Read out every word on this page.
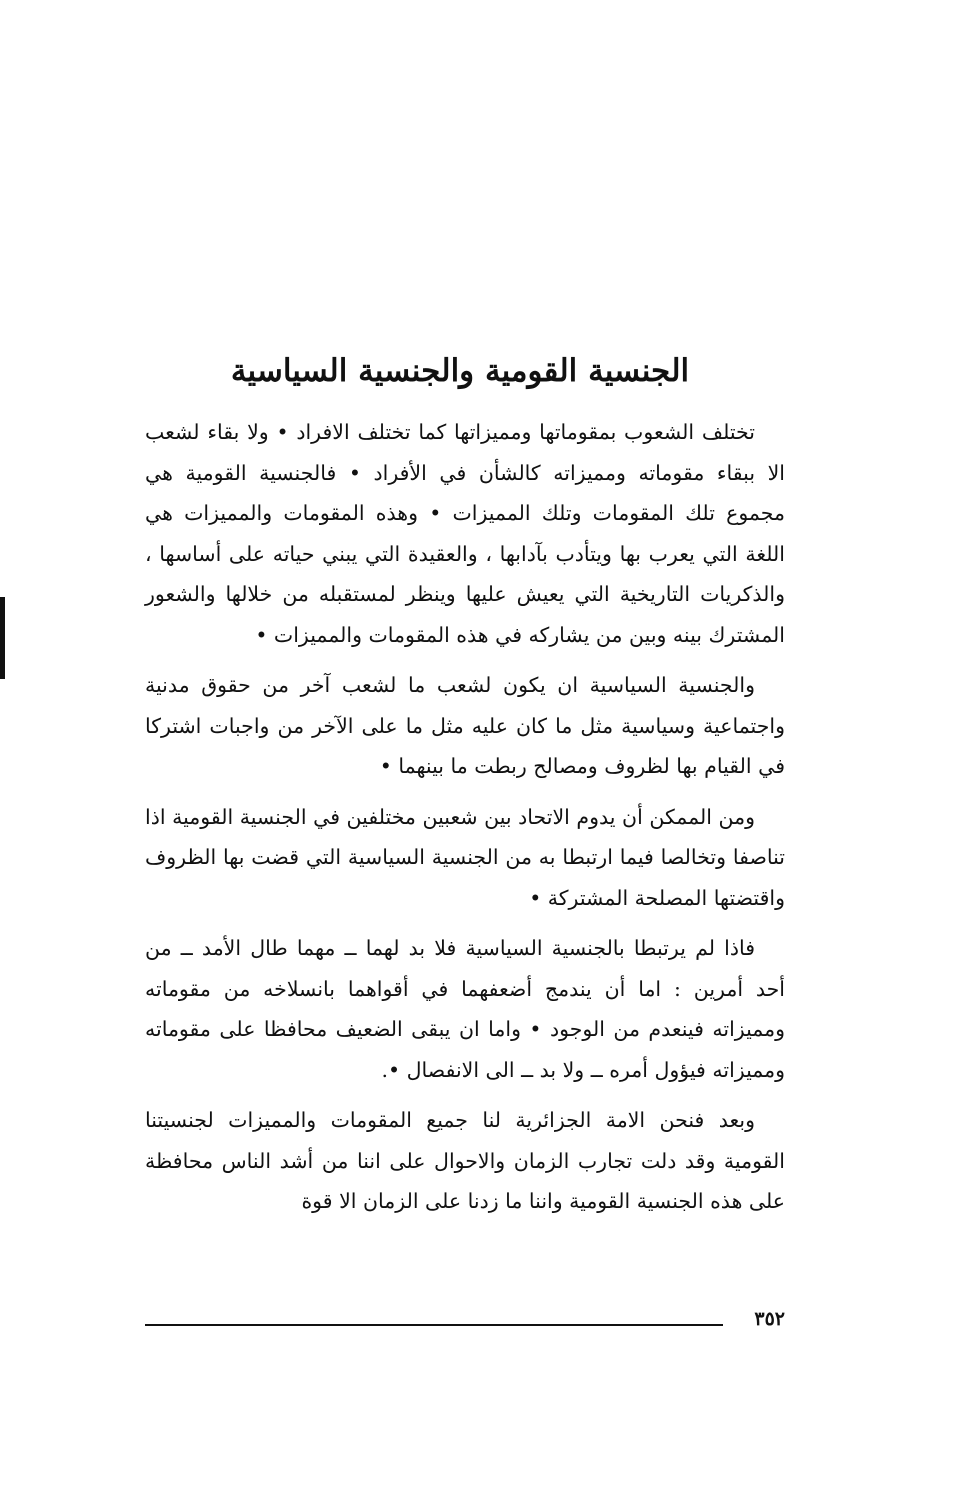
الجنسية القومية والجنسية السياسية

تختلف الشعوب بمقوماتها ومميزاتها كما تختلف الافراد • ولا بقاء لشعب الا ببقاء مقوماته ومميزاته كالشأن في الأفراد • فالجنسية القومية هي مجموع تلك المقومات وتلك المميزات • وهذه المقومات والمميزات هي اللغة التي يعرب بها ويتأدب بآدابها ، والعقيدة التي يبني حياته على أساسها ، والذكريات التاريخية التي يعيش عليها وينظر لمستقبله من خلالها والشعور المشترك بينه وبين من يشاركه في هذه المقومات والمميزات •

والجنسية السياسية ان يكون لشعب ما لشعب آخر من حقوق مدنية واجتماعية وسياسية مثل ما كان عليه مثل ما على الآخر من واجبات اشتركا في القيام بها لظروف ومصالح ربطت ما بينهما •

ومن الممكن أن يدوم الاتحاد بين شعبين مختلفين في الجنسية القومية اذا تناصفا وتخالصا فيما ارتبطا به من الجنسية السياسية التي قضت بها الظروف واقتضتها المصلحة المشتركة •

فاذا لم يرتبطا بالجنسية السياسية فلا بد لهما ــ مهما طال الأمد ــ من أحد أمرين : اما أن يندمج أضعفهما في أقواهما بانسلاخه من مقوماته ومميزاته فينعدم من الوجود • واما ان يبقى الضعيف محافظا على مقوماته ومميزاته فيؤول أمره ــ ولا بد ــ الى الانفصال •.

وبعد فنحن الامة الجزائرية لنا جميع المقومات والمميزات لجنسيتنا القومية وقد دلت تجارب الزمان والاحوال على اننا من أشد الناس محافظة على هذه الجنسية القومية واننا ما زدنا على الزمان الا قوة

٣٥٢
